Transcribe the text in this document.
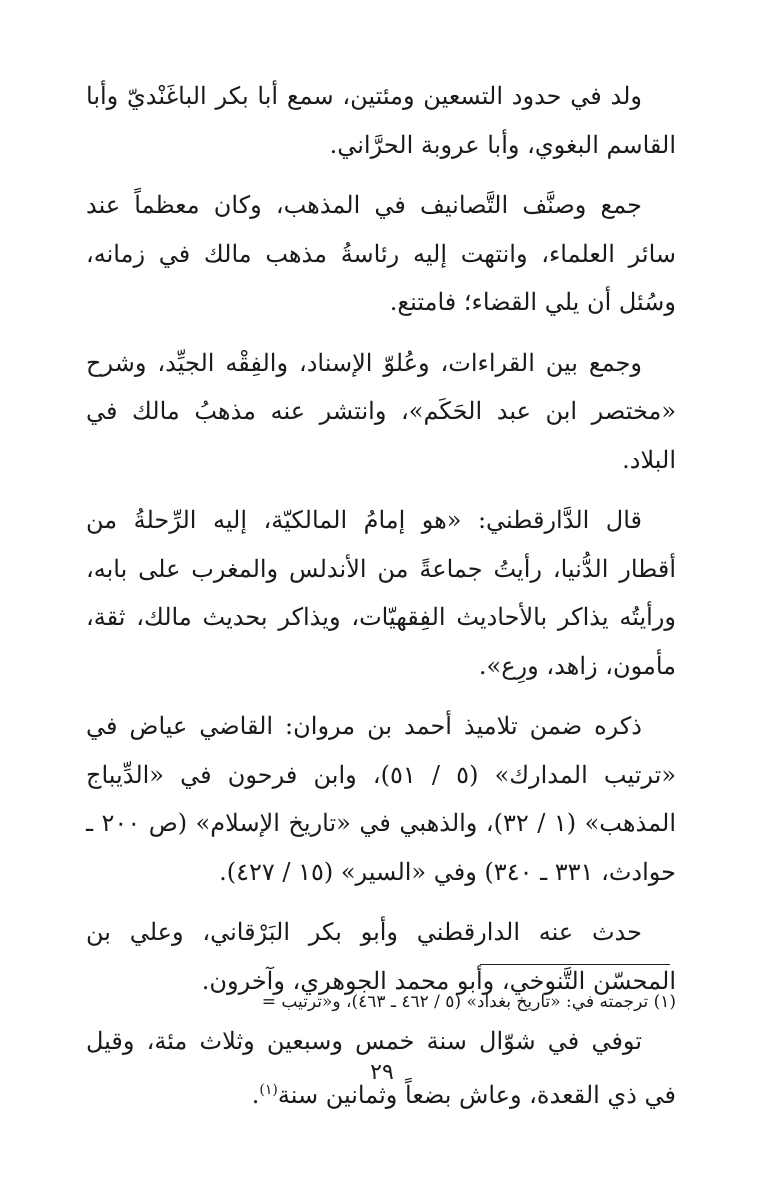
ولد في حدود التسعين ومئتين، سمع أبا بكر الباغَنْديّ وأبا القاسم البغوي، وأبا عروبة الحرَّاني.

جمع وصنَّف التَّصانيف في المذهب، وكان معظماً عند سائر العلماء، وانتهت إليه رئاسةُ مذهب مالك في زمانه، وسُئل أن يلي القضاء؛ فامتنع.

وجمع بين القراءات، وعُلوّ الإسناد، والفِقْه الجيِّد، وشرح «مختصر ابن عبد الحَكَم»، وانتشر عنه مذهبُ مالك في البلاد.

قال الدَّارقطني: «هو إمامُ المالكيّة، إليه الرِّحلةُ من أقطار الدُّنيا، رأيتُ جماعةً من الأندلس والمغرب على بابه، ورأيتُه يذاكر بالأحاديث الفِقهيّات، ويذاكر بحديث مالك، ثقة، مأمون، زاهد، ورِع».

ذكره ضمن تلاميذ أحمد بن مروان: القاضي عياض في «ترتيب المدارك» (٥ / ٥١)، وابن فرحون في «الدِّيباج المذهب» (١ / ٣٢)، والذهبي في «تاريخ الإسلام» (ص ٢٠٠ ـ حوادث، ٣٣١ ـ ٣٤٠) وفي «السير» (١٥ / ٤٢٧).

حدث عنه الدارقطني وأبو بكر البَرْقاني، وعلي بن المحسّن التَّنوخي، وأبو محمد الجوهري، وآخرون.

توفي في شوّال سنة خمس وسبعين وثلاث مئة، وقيل في ذي القعدة، وعاش بضعاً وثمانين سنة$^{(١)}$.

(١) ترجمته في: «تاريخ بغداد» (٥ / ٤٦٢ ـ ٤٦٣)، و«ترتيب =
٢٩
